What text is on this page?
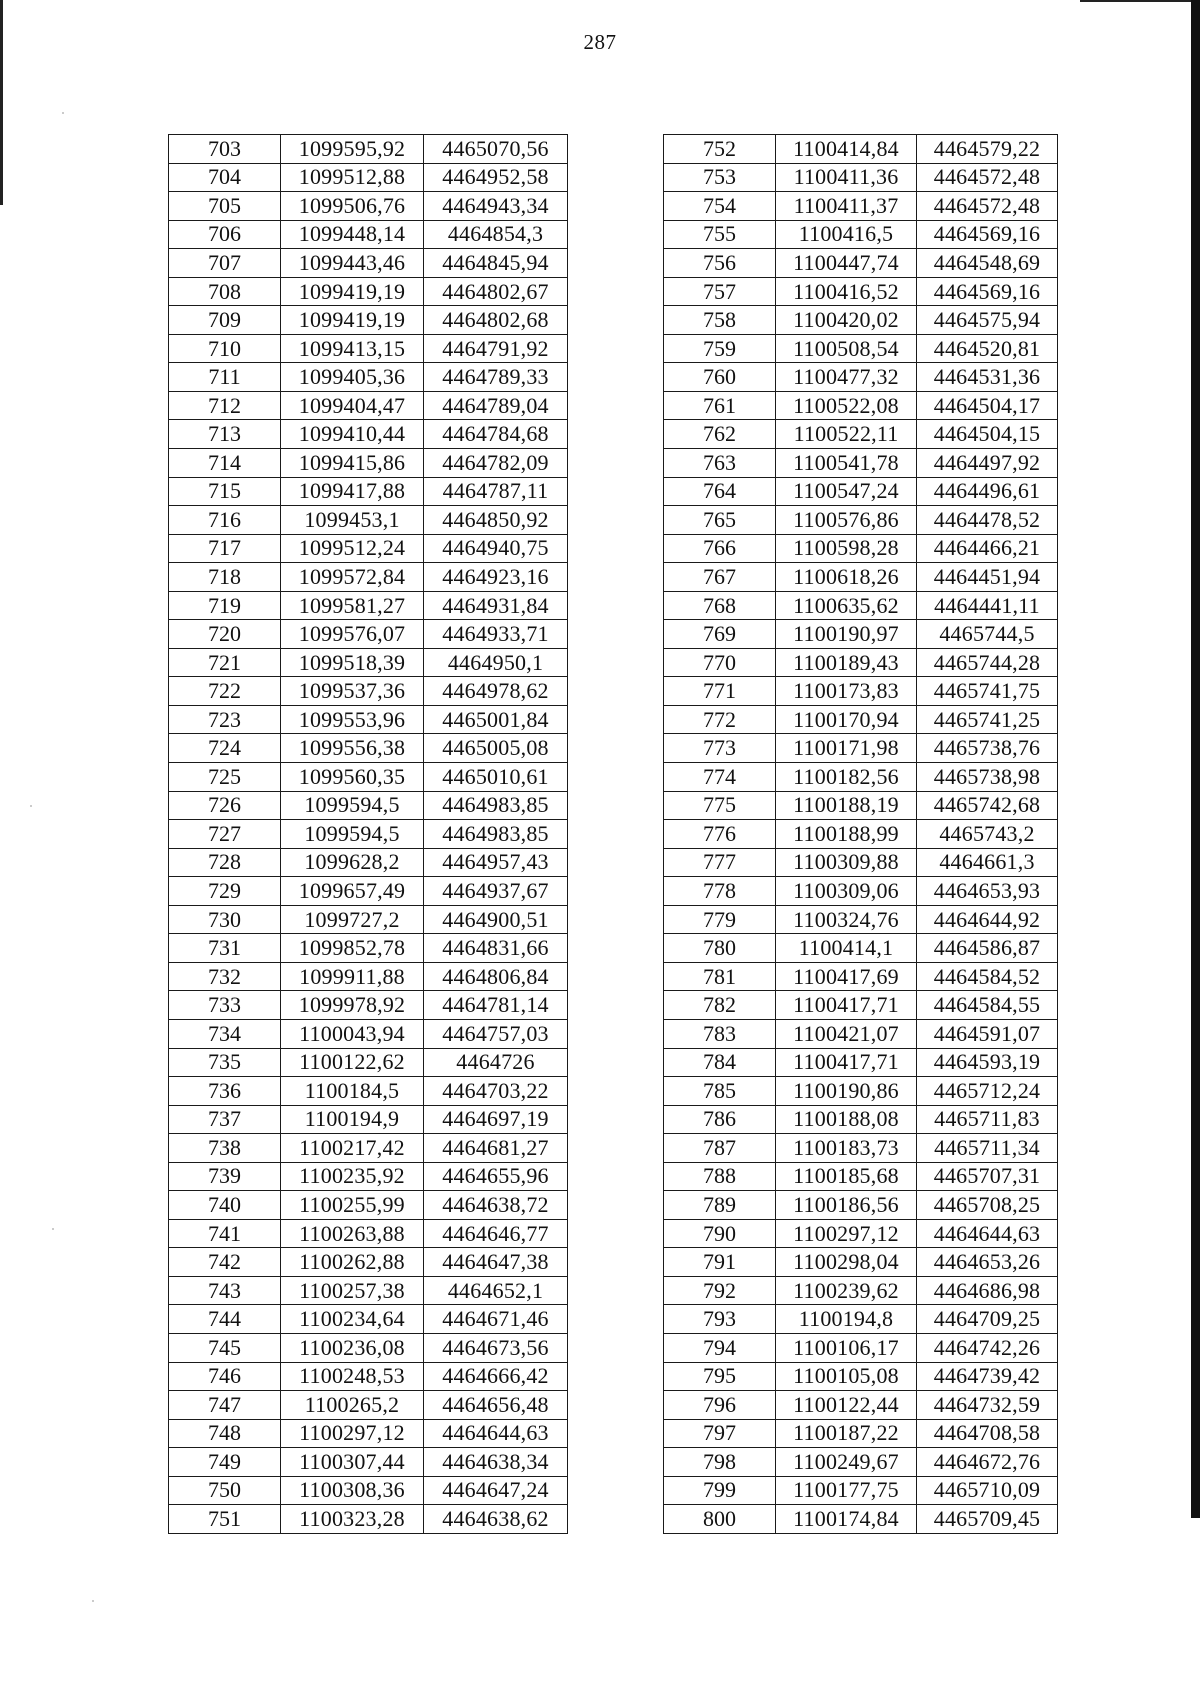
287
703	1099595,92	4465070,56
704	1099512,88	4464952,58
705	1099506,76	4464943,34
706	1099448,14	4464854,3
707	1099443,46	4464845,94
708	1099419,19	4464802,67
709	1099419,19	4464802,68
710	1099413,15	4464791,92
711	1099405,36	4464789,33
712	1099404,47	4464789,04
713	1099410,44	4464784,68
714	1099415,86	4464782,09
715	1099417,88	4464787,11
716	1099453,1	4464850,92
717	1099512,24	4464940,75
718	1099572,84	4464923,16
719	1099581,27	4464931,84
720	1099576,07	4464933,71
721	1099518,39	4464950,1
722	1099537,36	4464978,62
723	1099553,96	4465001,84
724	1099556,38	4465005,08
725	1099560,35	4465010,61
726	1099594,5	4464983,85
727	1099594,5	4464983,85
728	1099628,2	4464957,43
729	1099657,49	4464937,67
730	1099727,2	4464900,51
731	1099852,78	4464831,66
732	1099911,88	4464806,84
733	1099978,92	4464781,14
734	1100043,94	4464757,03
735	1100122,62	4464726
736	1100184,5	4464703,22
737	1100194,9	4464697,19
738	1100217,42	4464681,27
739	1100235,92	4464655,96
740	1100255,99	4464638,72
741	1100263,88	4464646,77
742	1100262,88	4464647,38
743	1100257,38	4464652,1
744	1100234,64	4464671,46
745	1100236,08	4464673,56
746	1100248,53	4464666,42
747	1100265,2	4464656,48
748	1100297,12	4464644,63
749	1100307,44	4464638,34
750	1100308,36	4464647,24
751	1100323,28	4464638,62
752	1100414,84	4464579,22
753	1100411,36	4464572,48
754	1100411,37	4464572,48
755	1100416,5	4464569,16
756	1100447,74	4464548,69
757	1100416,52	4464569,16
758	1100420,02	4464575,94
759	1100508,54	4464520,81
760	1100477,32	4464531,36
761	1100522,08	4464504,17
762	1100522,11	4464504,15
763	1100541,78	4464497,92
764	1100547,24	4464496,61
765	1100576,86	4464478,52
766	1100598,28	4464466,21
767	1100618,26	4464451,94
768	1100635,62	4464441,11
769	1100190,97	4465744,5
770	1100189,43	4465744,28
771	1100173,83	4465741,75
772	1100170,94	4465741,25
773	1100171,98	4465738,76
774	1100182,56	4465738,98
775	1100188,19	4465742,68
776	1100188,99	4465743,2
777	1100309,88	4464661,3
778	1100309,06	4464653,93
779	1100324,76	4464644,92
780	1100414,1	4464586,87
781	1100417,69	4464584,52
782	1100417,71	4464584,55
783	1100421,07	4464591,07
784	1100417,71	4464593,19
785	1100190,86	4465712,24
786	1100188,08	4465711,83
787	1100183,73	4465711,34
788	1100185,68	4465707,31
789	1100186,56	4465708,25
790	1100297,12	4464644,63
791	1100298,04	4464653,26
792	1100239,62	4464686,98
793	1100194,8	4464709,25
794	1100106,17	4464742,26
795	1100105,08	4464739,42
796	1100122,44	4464732,59
797	1100187,22	4464708,58
798	1100249,67	4464672,76
799	1100177,75	4465710,09
800	1100174,84	4465709,45
